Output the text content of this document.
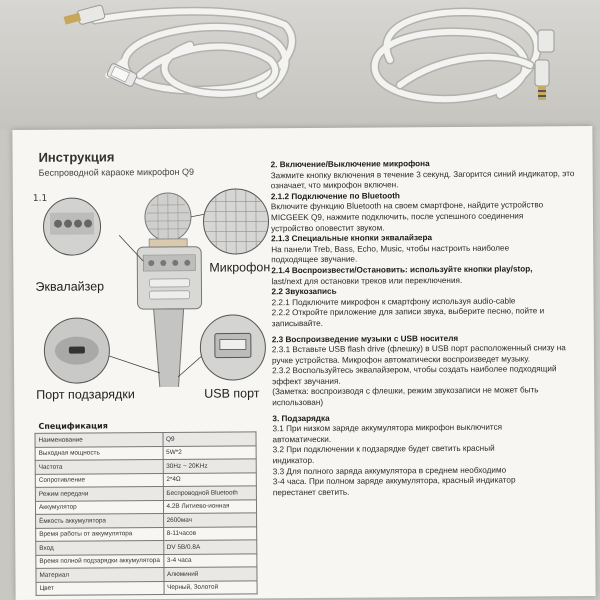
Инструкция
Беспроводной караоке микрофон Q9
1.1
Эквалайзер
Микрофон
Порт подзарядки	USB порт
Спецификация
Наименование	Q9
Выходная мощность	5W*2
Частота	30Hz ~ 20KHz
Сопротивление	2*4Ω
Режим передачи	Беспроводной Bluetooth
Аккумулятор	4.2В Литиево-ионная
Ёмкость аккумулятора	2600мач
Время работы от аккумулятора	8-11часов
Вход	DV 5В/0.8А
Время полной подзарядки аккумулятора	3-4 часа
Материал	Алюминий
Цвет	Черный, Золотой

2. Включение/Выключение микрофона

Зажмите кнопку включения в течение 3 секунд. Загорится синий индикатор, это

означает, что микрофон включен.

2.1.2 Подключение по Bluetooth

Включите функцию Bluetooth на своем смартфоне, найдите устройство

MICGEEK Q9, нажмите подключить, после успешного соединения

устройство оповестит звуком.

2.1.3 Специальные кнопки эквалайзера

На панели Treb, Bass, Echo, Music, чтобы настроить наиболее

подходящее звучание.

2.1.4 Воспроизвести/Остановить: используйте кнопки play/stop,

last/next для остановки треков или переключения.

2.2 Звукозапись

2.2.1 Подключите микрофон к смартфону используя audio-cable

2.2.2 Откройте приложение для записи звука, выберите песню, пойте и

записывайте.

2.3 Воспроизведение музыки с USB носителя

2.3.1 Вставьте USB flash drive (флешку) в USB порт расположенный снизу на

ручке устройства. Микрофон автоматически воспроизведет музыку.

2.3.2 Воспользуйтесь эквалайзером, чтобы создать наиболее подходящий

эффект звучания.

(Заметка: воспроизводя с флешки, режим звукозаписи не может быть

использован)

3. Подзарядка

3.1 При низком заряде аккумулятора микрофон выключится

автоматически.

3.2 При подключении к подзарядке будет светить красный

индикатор.

3.3 Для полного заряда аккумулятора в среднем необходимо

3-4 часа. При полном заряде аккумулятора, красный индикатор

перестанет светить.
